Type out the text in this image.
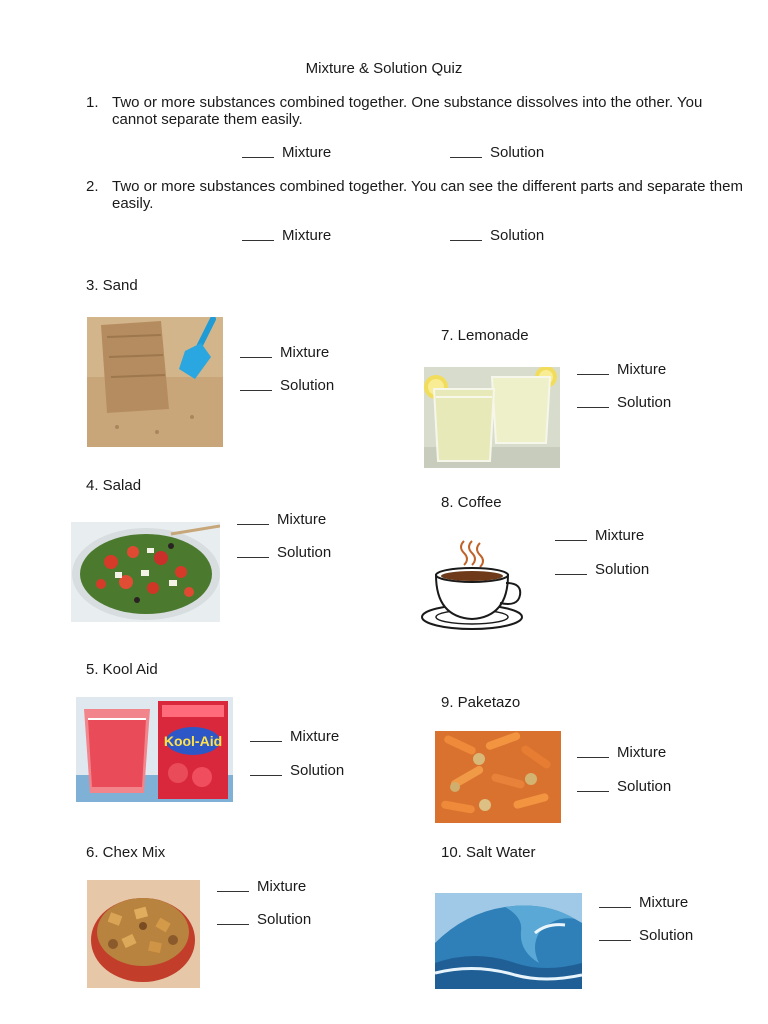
Mixture & Solution Quiz
1. Two or more substances combined together. One substance dissolves into the other. You cannot separate them easily.
Mixture	Solution
2. Two or more substances combined together. You can see the different parts and separate them easily.
Mixture	Solution
3. Sand
Mixture
Solution
4. Salad
Mixture
Solution
5. Kool Aid
Kool-Aid	Mixture
Solution
6. Chex Mix
Mixture
Solution
7. Lemonade
Mixture
Solution
8. Coffee
Mixture
Solution
9. Paketazo
Mixture
Solution
10. Salt Water
Mixture
Solution
